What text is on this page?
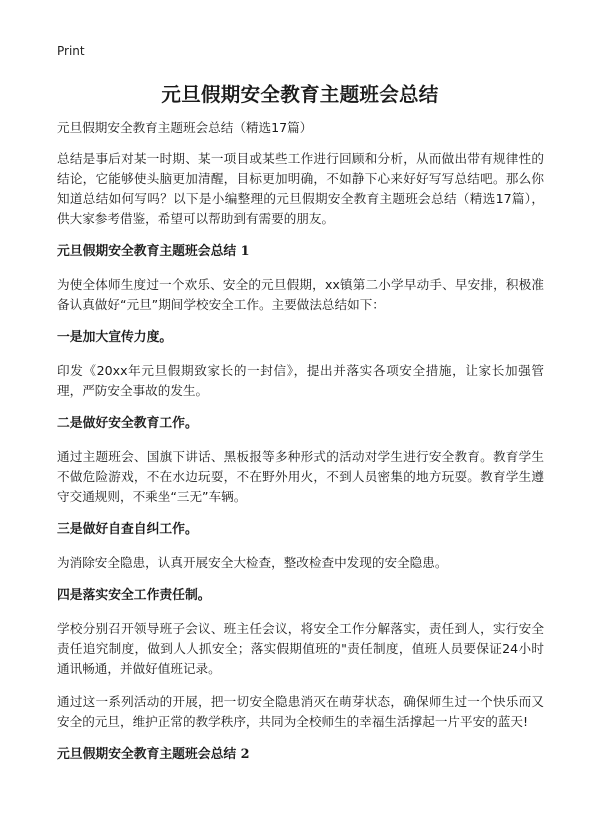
Print
元旦假期安全教育主题班会总结

元旦假期安全教育主题班会总结（精选17篇）

总结是事后对某一时期、某一项目或某些工作进行回顾和分析，从而做出带有规律性的结论，它能够使头脑更加清醒，目标更加明确，不如静下心来好好写写总结吧。那么你知道总结如何写吗？以下是小编整理的元旦假期安全教育主题班会总结（精选17篇），供大家参考借鉴，希望可以帮助到有需要的朋友。

元旦假期安全教育主题班会总结 1

为使全体师生度过一个欢乐、安全的元旦假期，xx镇第二小学早动手、早安排，积极准备认真做好“元旦”期间学校安全工作。主要做法总结如下：

一是加大宣传力度。

印发《20xx年元旦假期致家长的一封信》，提出并落实各项安全措施，让家长加强管理，严防安全事故的发生。

二是做好安全教育工作。

通过主题班会、国旗下讲话、黑板报等多种形式的活动对学生进行安全教育。教育学生不做危险游戏，不在水边玩耍，不在野外用火，不到人员密集的地方玩耍。教育学生遵守交通规则，不乘坐“三无”车辆。

三是做好自查自纠工作。

为消除安全隐患，认真开展安全大检查，整改检查中发现的安全隐患。

四是落实安全工作责任制。

学校分别召开领导班子会议、班主任会议，将安全工作分解落实，责任到人，实行安全责任追究制度，做到人人抓安全；落实假期值班的"责任制度，值班人员要保证24小时通讯畅通，并做好值班记录。

通过这一系列活动的开展，把一切安全隐患消灭在萌芽状态，确保师生过一个快乐而又安全的元旦，维护正常的教学秩序，共同为全校师生的幸福生活撑起一片平安的蓝天!

元旦假期安全教育主题班会总结 2
